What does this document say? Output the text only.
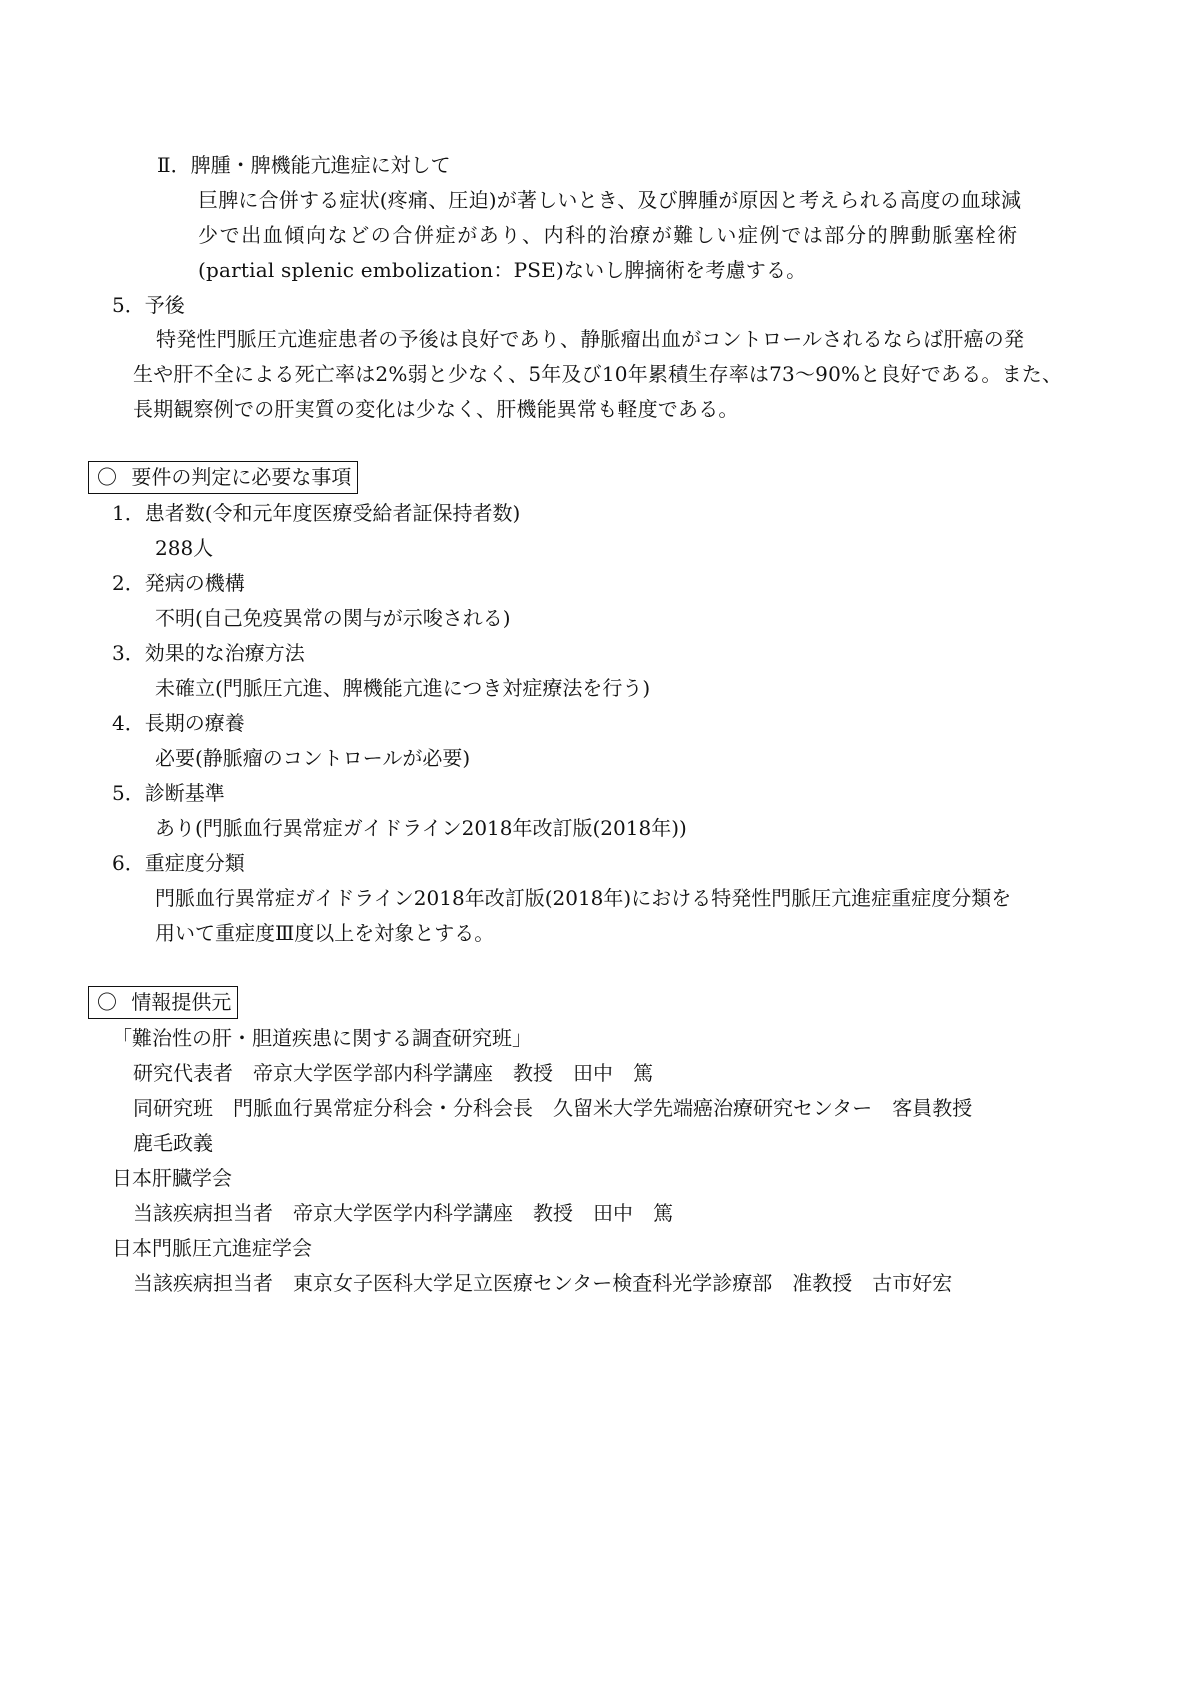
Ⅱ．脾腫・脾機能亢進症に対して
巨脾に合併する症状(疼痛、圧迫)が著しいとき、及び脾腫が原因と考えられる高度の血球減
少で出血傾向などの合併症があり、内科的治療が難しい症例では部分的脾動脈塞栓術
(partial splenic embolization：PSE)ないし脾摘術を考慮する。
5．予後
特発性門脈圧亢進症患者の予後は良好であり、静脈瘤出血がコントロールされるならば肝癌の発
生や肝不全による死亡率は2%弱と少なく、5年及び10年累積生存率は73～90%と良好である。また、
長期観察例での肝実質の変化は少なく、肝機能異常も軽度である。
〇 要件の判定に必要な事項
1．患者数(令和元年度医療受給者証保持者数)
288人
2．発病の機構
不明(自己免疫異常の関与が示唆される)
3．効果的な治療方法
未確立(門脈圧亢進、脾機能亢進につき対症療法を行う)
4．長期の療養
必要(静脈瘤のコントロールが必要)
5．診断基準
あり(門脈血行異常症ガイドライン2018年改訂版(2018年))
6．重症度分類
門脈血行異常症ガイドライン2018年改訂版(2018年)における特発性門脈圧亢進症重症度分類を
用いて重症度Ⅲ度以上を対象とする。
〇 情報提供元
「難治性の肝・胆道疾患に関する調査研究班」
研究代表者　帝京大学医学部内科学講座　教授　田中　篤
同研究班　門脈血行異常症分科会・分科会長　久留米大学先端癌治療研究センター　客員教授
鹿毛政義
日本肝臓学会
当該疾病担当者　帝京大学医学内科学講座　教授　田中　篤
日本門脈圧亢進症学会
当該疾病担当者　東京女子医科大学足立医療センター検査科光学診療部　准教授　古市好宏
